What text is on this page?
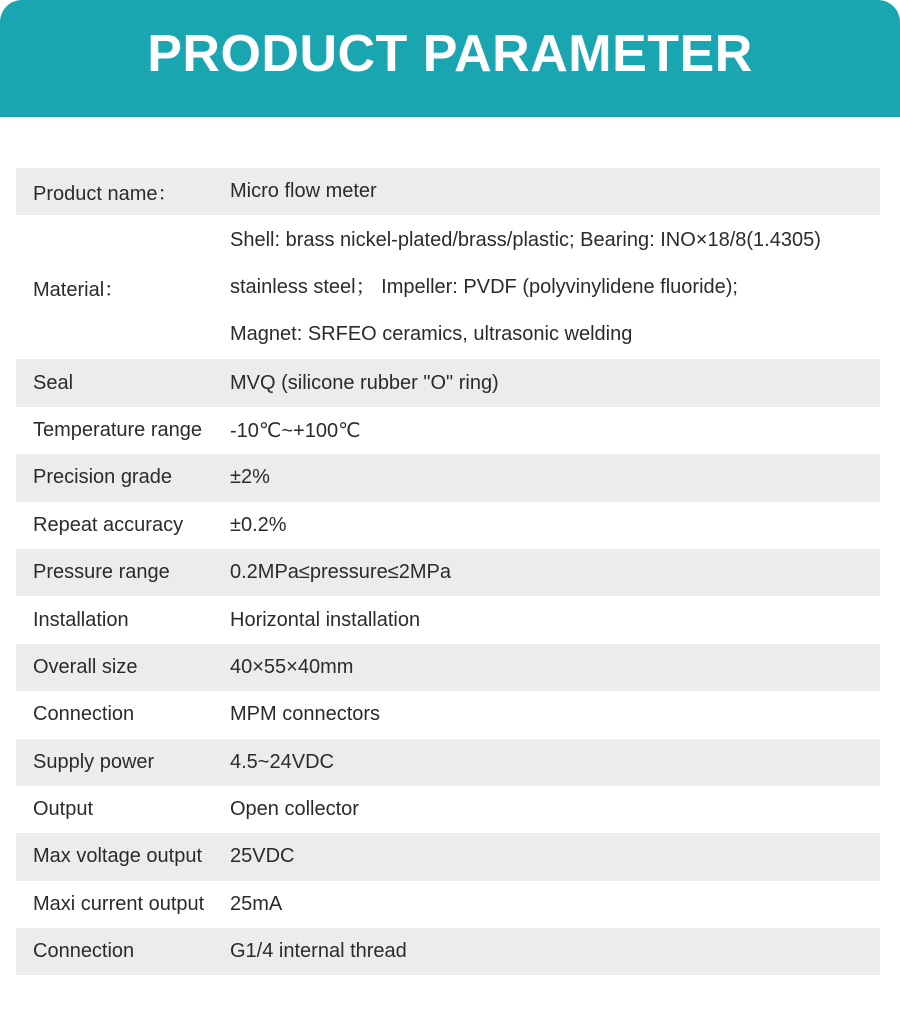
PRODUCT PARAMETER
Product name：	Micro flow meter
Material：
Shell: brass nickel-plated/brass/plastic; Bearing: INO×18/8(1.4305)
stainless steel； Impeller: PVDF (polyvinylidene fluoride);
Magnet: SRFEO ceramics, ultrasonic welding
Seal	MVQ (silicone rubber "O" ring)
Temperature range	-10℃~+100℃
Precision grade	±2%
Repeat accuracy	±0.2%
Pressure range	0.2MPa≤pressure≤2MPa
Installation	Horizontal installation
Overall size	40×55×40mm
Connection	MPM connectors
Supply power	4.5~24VDC
Output	Open collector
Max voltage output	25VDC
Maxi current output	25mA
Connection	G1/4 internal thread
